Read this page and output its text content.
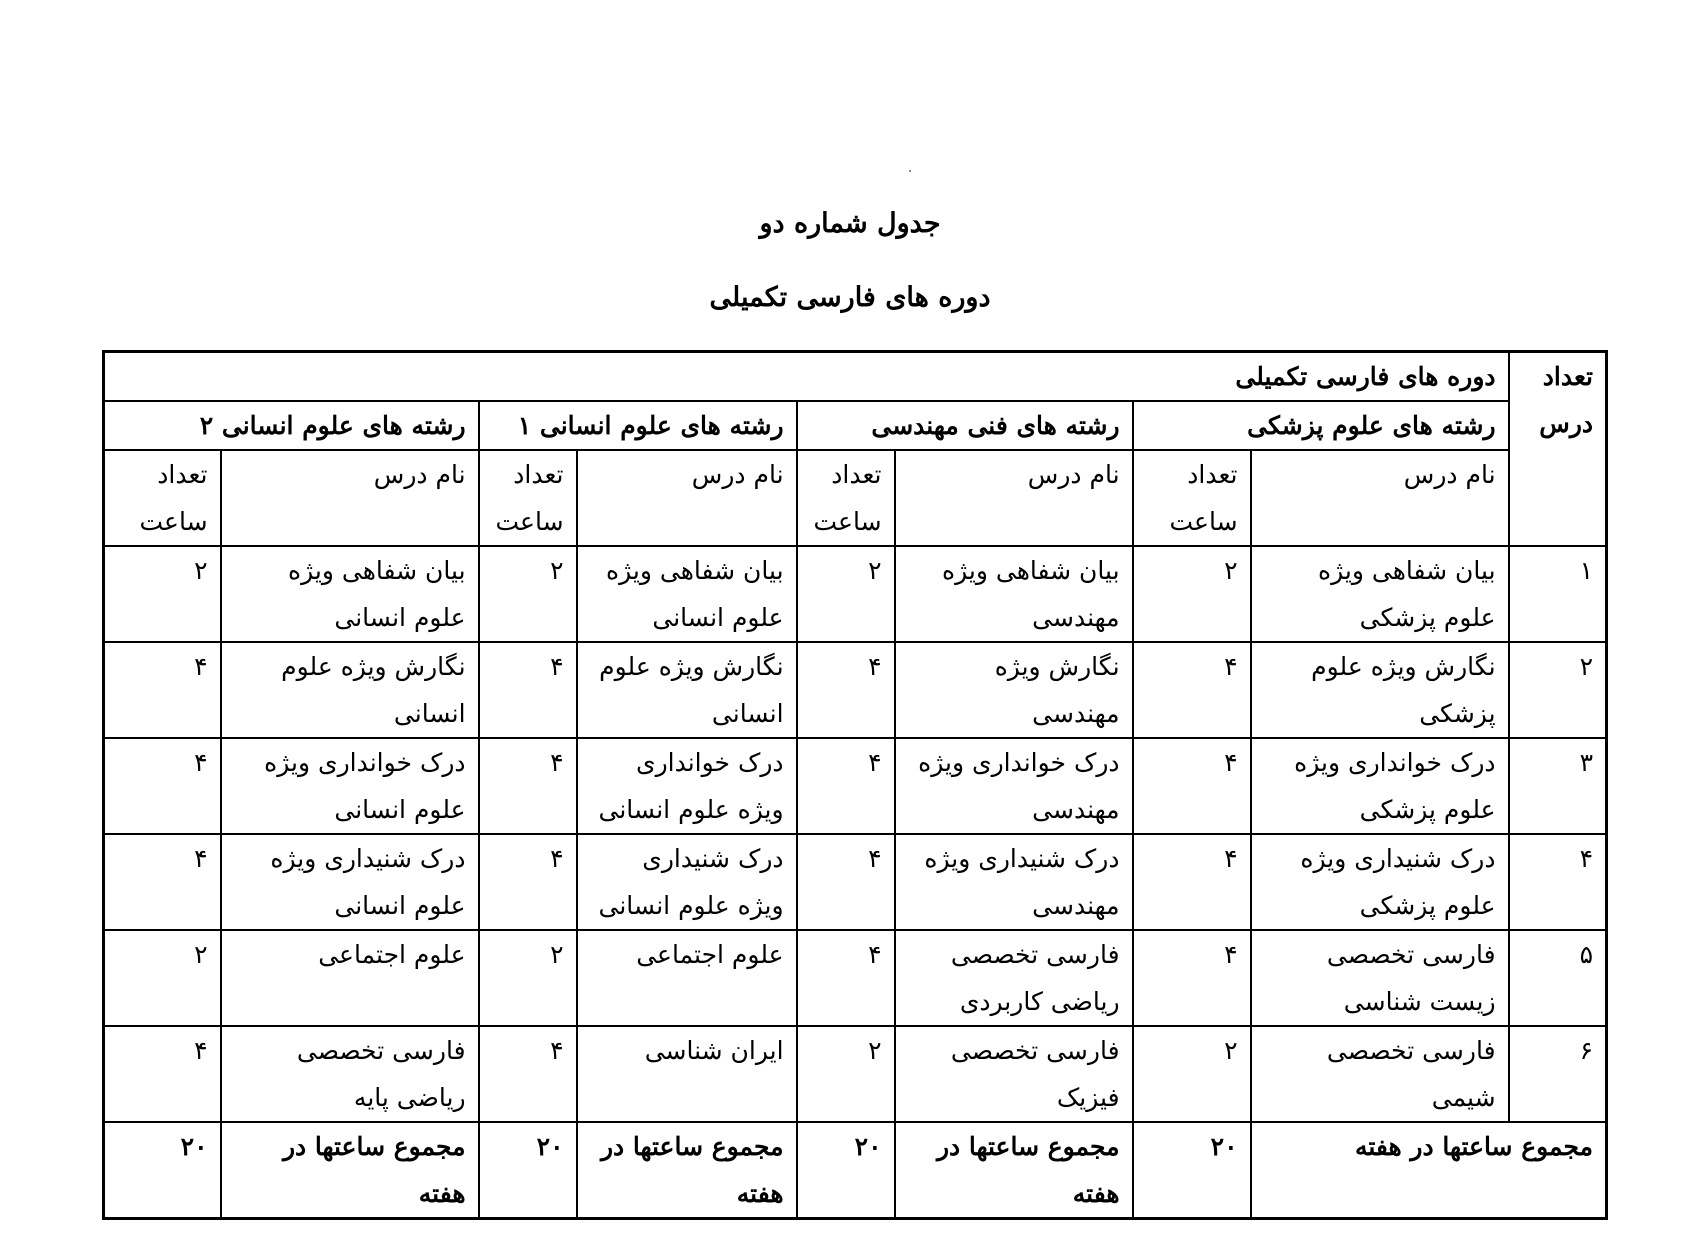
جدول شماره دو
دوره های فارسی تکمیلی
تعداد درس	دوره های فارسی تکمیلی							
	رشته های علوم پزشکی		رشته های فنی مهندسی		رشته های علوم انسانی ۱		رشته های علوم انسانی ۲	
	نام درس	تعداد ساعت	نام درس	تعداد ساعت	نام درس	تعداد ساعت	نام درس	تعداد ساعت
۱	بیان شفاهی ویژه علوم پزشکی	۲	بیان شفاهی ویژه مهندسی	۲	بیان شفاهی ویژه علوم انسانی	۲	بیان شفاهی ویژه علوم انسانی	۲
۲	نگارش ویژه علوم پزشکی	۴	نگارش ویژه مهندسی	۴	نگارش ویژه علوم انسانی	۴	نگارش ویژه علوم انسانی	۴
۳	درک خوانداری ویژه علوم پزشکی	۴	درک خوانداری ویژه مهندسی	۴	درک خوانداری ویژه علوم انسانی	۴	درک خوانداری ویژه علوم انسانی	۴
۴	درک شنیداری ویژه علوم پزشکی	۴	درک شنیداری ویژه مهندسی	۴	درک شنیداری ویژه علوم انسانی	۴	درک شنیداری ویژه علوم انسانی	۴
۵	فارسی تخصصی زیست شناسی	۴	فارسی تخصصی ریاضی کاربردی	۴	علوم اجتماعی	۲	علوم اجتماعی	۲
۶	فارسی تخصصی شیمی	۲	فارسی تخصصی فیزیک	۲	ایران شناسی	۴	فارسی تخصصی ریاضی پایه	۴
مجموع ساعتها در هفته		۲۰	مجموع ساعتها در هفته	۲۰	مجموع ساعتها در هفته	۲۰	مجموع ساعتها در هفته	۲۰
